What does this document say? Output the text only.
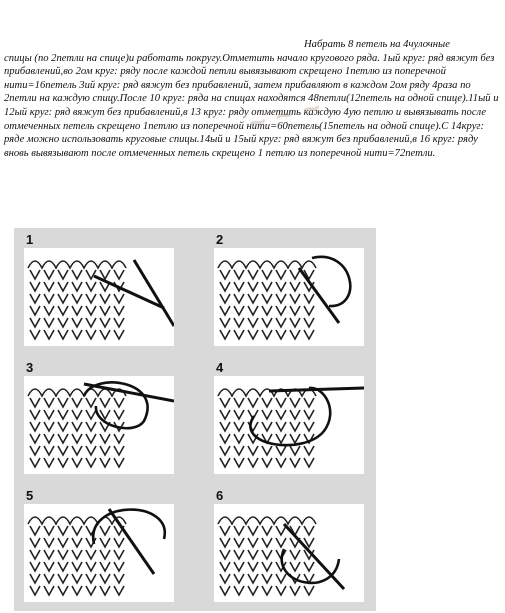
Набрать 8 петель на 4чулочные
спицы (по 2петли на спице)и работать покругу.Отметить начало кругового ряда. 1ый круг: ряд вяжут без прибавлений,во 2ом круг: ряду после каждой петли вывязывают скрещено 1петлю из поперечной нити=16петель 3ий круг: ряд вяжут без прибавлений, затем прибавляют в каждом 2ом ряду 4раза по 2петли на каждую спицу.После 10 круг: ряда на спицах находятся 48петли(12петель на одной спице).11ый и 12ый круг: ряд вяжут без прибавлений,в 13 круг: ряду отметить каждую 4ую петлю и вывязывать после отмеченных петель скрещено 1петлю из поперечной нити=60петель(15петель на одной спице).С 14круг: ряде можно использовать круговые спицы.14ый и 15ый круг: ряд вяжут без прибавлений,в 16 круг: ряду вновь вывязывают после отмеченных петель скрещено 1 петлю из поперечной нити=72петли.
~ ~ ~
1	2
3	4
5	6
